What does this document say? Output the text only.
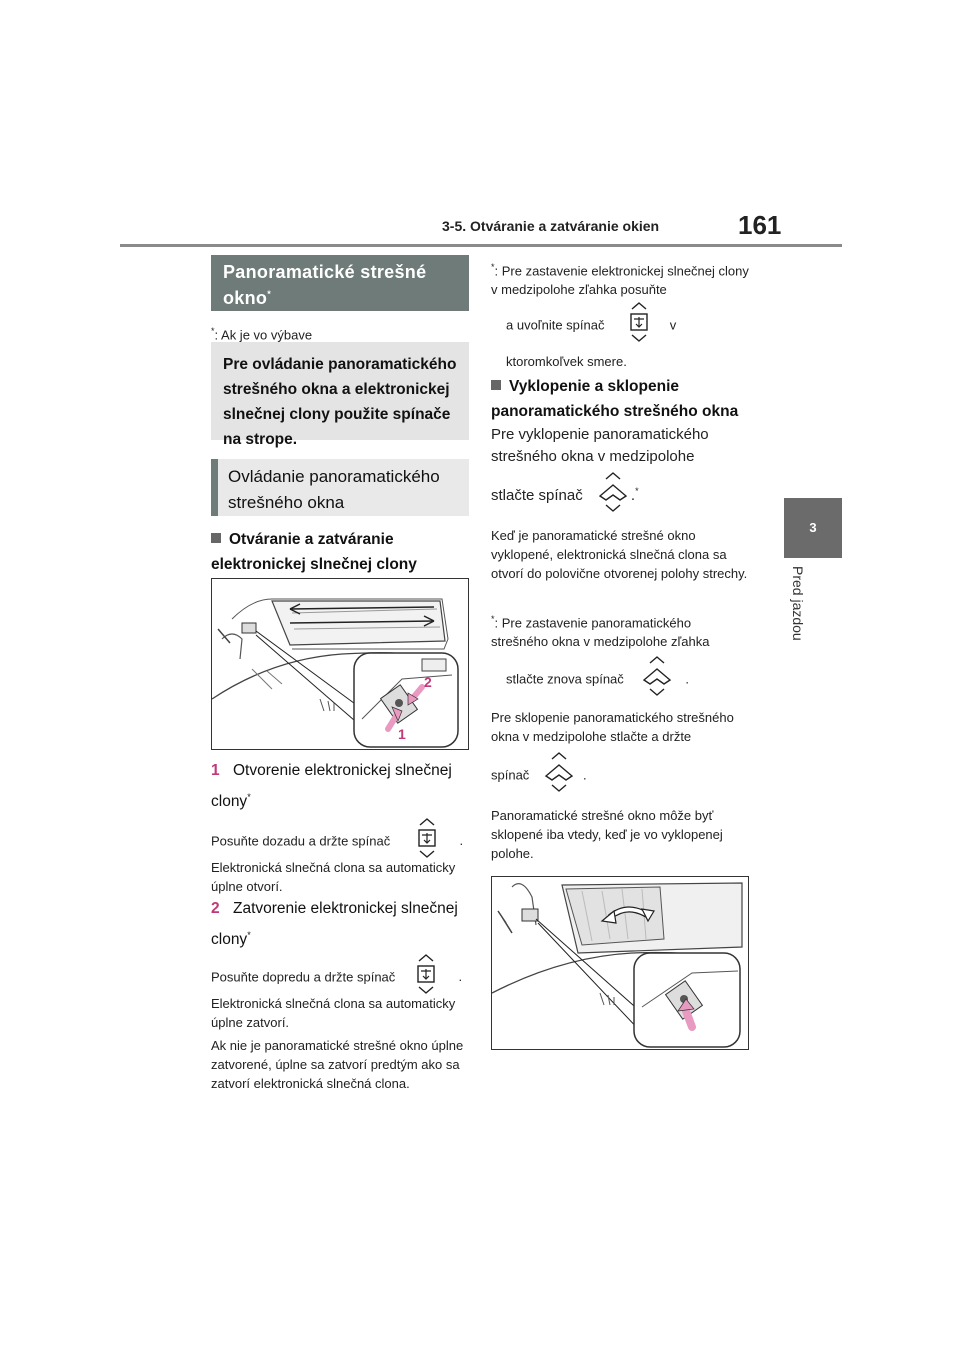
3-5. Otváranie a zatváranie okien	161
3
Pred jazdou
Panoramatické strešné okno*
*: Ak je vo výbave
Pre ovládanie panoramatického strešného okna a elektronickej slnečnej clony použite spínače na strope.
Ovládanie panoramatického strešného okna
Otváranie a zatváranie elektronickej slnečnej clony
2
1
1 Otvorenie elektronickej slnečnej clony*
Posuňte dozadu a držte spínač	.
Elektronická slnečná clona sa automaticky úplne otvorí.
2 Zatvorenie elektronickej slnečnej clony*
Posuňte dopredu a držte spínač	.
Elektronická slnečná clona sa automaticky úplne zatvorí.
Ak nie je panoramatické strešné okno úplne zatvorené, úplne sa zatvorí predtým ako sa zatvorí elektronická slnečná clona.
*: Pre zastavenie elektronickej slnečnej clony v medzipolohe zľahka posuňte
a uvoľnite spínač	v ktoromkoľvek smere.
Vyklopenie a sklopenie panoramatického strešného okna
Pre vyklopenie panoramatického strešného okna v medzipolohe
stlačte spínač	.*
Keď je panoramatické strešné okno vyklopené, elektronická slnečná clona sa otvorí do polovične otvorenej polohy strechy.
*: Pre zastavenie panoramatického strešného okna v medzipolohe zľahka
stlačte znova spínač	.
Pre sklopenie panoramatického strešného okna v medzipolohe stlačte a držte
spínač	.
Panoramatické strešné okno môže byť sklopené iba vtedy, keď je vo vyklopenej polohe.
